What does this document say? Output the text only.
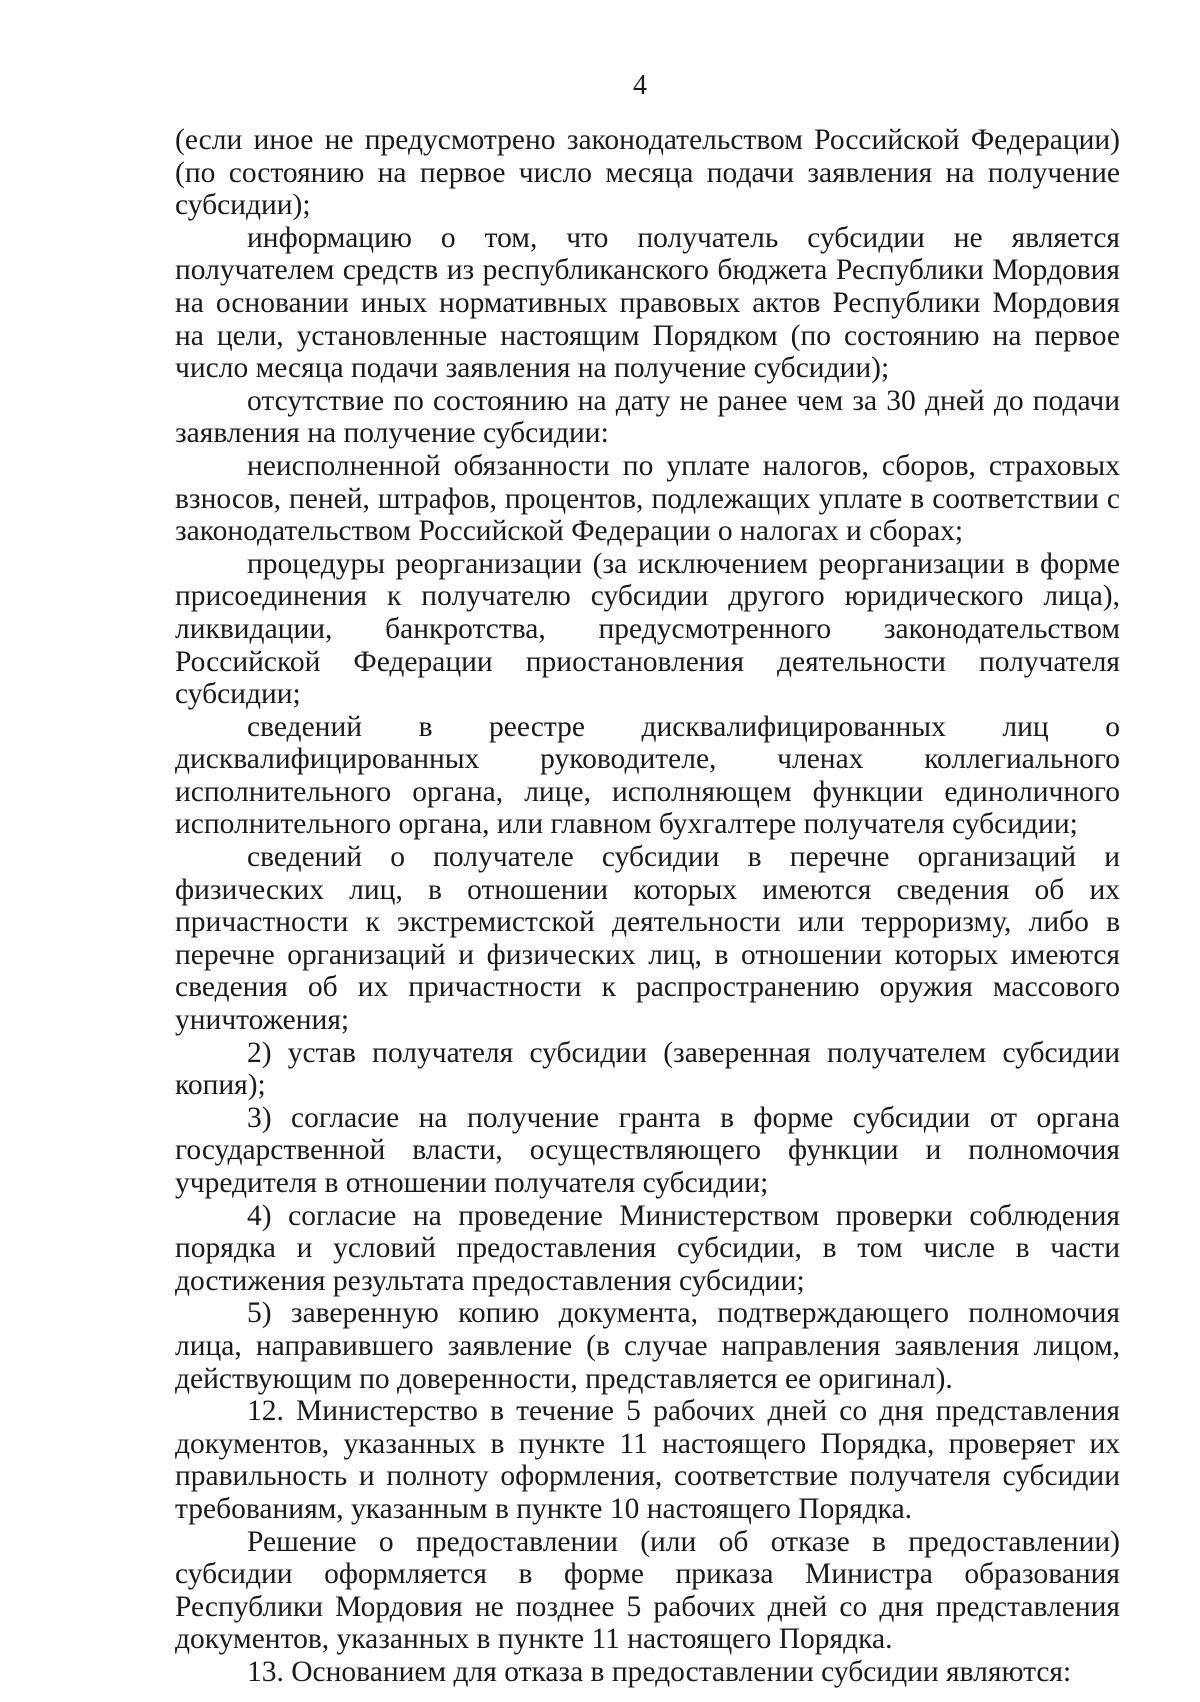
4

(если иное не предусмотрено законодательством Российской Федерации) (по состоянию на первое число месяца подачи заявления на получение субсидии);

информацию о том, что получатель субсидии не является получателем средств из республиканского бюджета Республики Мордовия на основании иных нормативных правовых актов Республики Мордовия на цели, установленные настоящим Порядком (по состоянию на первое число месяца подачи заявления на получение субсидии);

отсутствие по состоянию на дату не ранее чем за 30 дней до подачи заявления на получение субсидии:

неисполненной обязанности по уплате налогов, сборов, страховых взносов, пеней, штрафов, процентов, подлежащих уплате в соответствии с законодательством Российской Федерации о налогах и сборах;

процедуры реорганизации (за исключением реорганизации в форме присоединения к получателю субсидии другого юридического лица), ликвидации, банкротства, предусмотренного законодательством Российской Федерации приостановления деятельности получателя субсидии;

сведений в реестре дисквалифицированных лиц о дисквалифицированных руководителе, членах коллегиального исполнительного органа, лице, исполняющем функции единоличного исполнительного органа, или главном бухгалтере получателя субсидии;

сведений о получателе субсидии в перечне организаций и физических лиц, в отношении которых имеются сведения об их причастности к экстремистской деятельности или терроризму, либо в перечне организаций и физических лиц, в отношении которых имеются сведения об их причастности к распространению оружия массового уничтожения;

2) устав получателя субсидии (заверенная получателем субсидии копия);

3) согласие на получение гранта в форме субсидии от органа государственной власти, осуществляющего функции и полномочия учредителя в отношении получателя субсидии;

4) согласие на проведение Министерством проверки соблюдения порядка и условий предоставления субсидии, в том числе в части достижения результата предоставления субсидии;

5) заверенную копию документа, подтверждающего полномочия лица, направившего заявление (в случае направления заявления лицом, действующим по доверенности, представляется ее оригинал).

12. Министерство в течение 5 рабочих дней со дня представления документов, указанных в пункте 11 настоящего Порядка, проверяет их правильность и полноту оформления, соответствие получателя субсидии требованиям, указанным в пункте 10 настоящего Порядка.

Решение о предоставлении (или об отказе в предоставлении) субсидии оформляется в форме приказа Министра образования Республики Мордовия не позднее 5 рабочих дней со дня представления документов, указанных в пункте 11 настоящего Порядка.

13. Основанием для отказа в предоставлении субсидии являются:
